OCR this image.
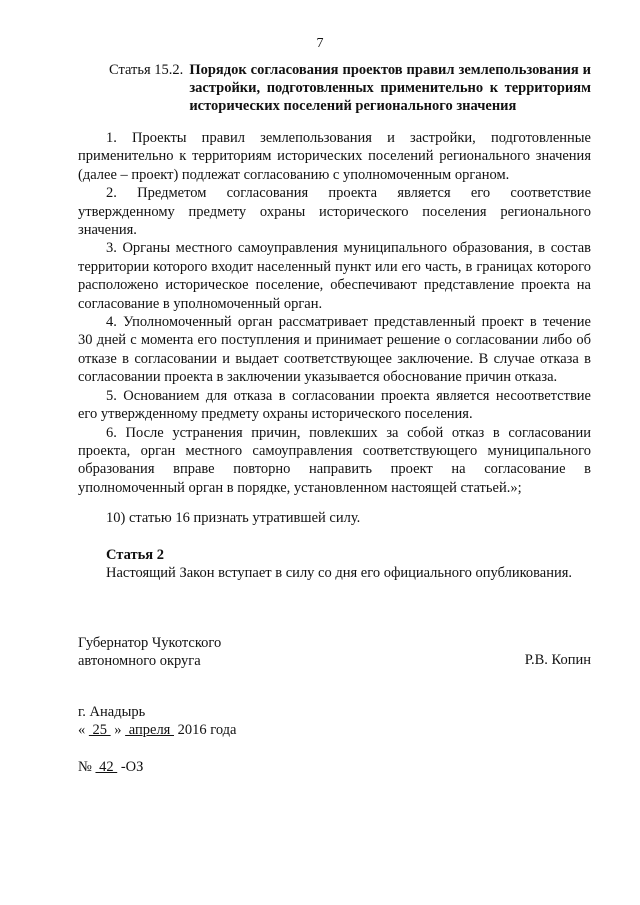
7
Статья 15.2. Порядок согласования проектов правил землепользования и застройки, подготовленных применительно к территориям исторических поселений регионального значения

1. Проекты правил землепользования и застройки, подготовленные применительно к территориям исторических поселений регионального значения (далее – проект) подлежат согласованию с уполномоченным органом.

2. Предметом согласования проекта является его соответствие утвержденному предмету охраны исторического поселения регионального значения.

3. Органы местного самоуправления муниципального образования, в состав территории которого входит населенный пункт или его часть, в границах которого расположено историческое поселение, обеспечивают представление проекта на согласование в уполномоченный орган.

4. Уполномоченный орган рассматривает представленный проект в течение 30 дней с момента его поступления и принимает решение о согласовании либо об отказе в согласовании и выдает соответствующее заключение. В случае отказа в согласовании проекта в заключении указывается обоснование причин отказа.

5. Основанием для отказа в согласовании проекта является несоответствие его утвержденному предмету охраны исторического поселения.

6. После устранения причин, повлекших за собой отказ в согласовании проекта, орган местного самоуправления соответствующего муниципального образования вправе повторно направить проект на согласование в уполномоченный орган в порядке, установленном настоящей статьей.»;

10) статью 16 признать утратившей силу.
Статья 2
Настоящий Закон вступает в силу со дня его официального опубликования.
Губернатор Чукотского
автономного округа	Р.В. Копин
г. Анадырь
«  25  »  апреля  2016 года
№  42  -ОЗ
